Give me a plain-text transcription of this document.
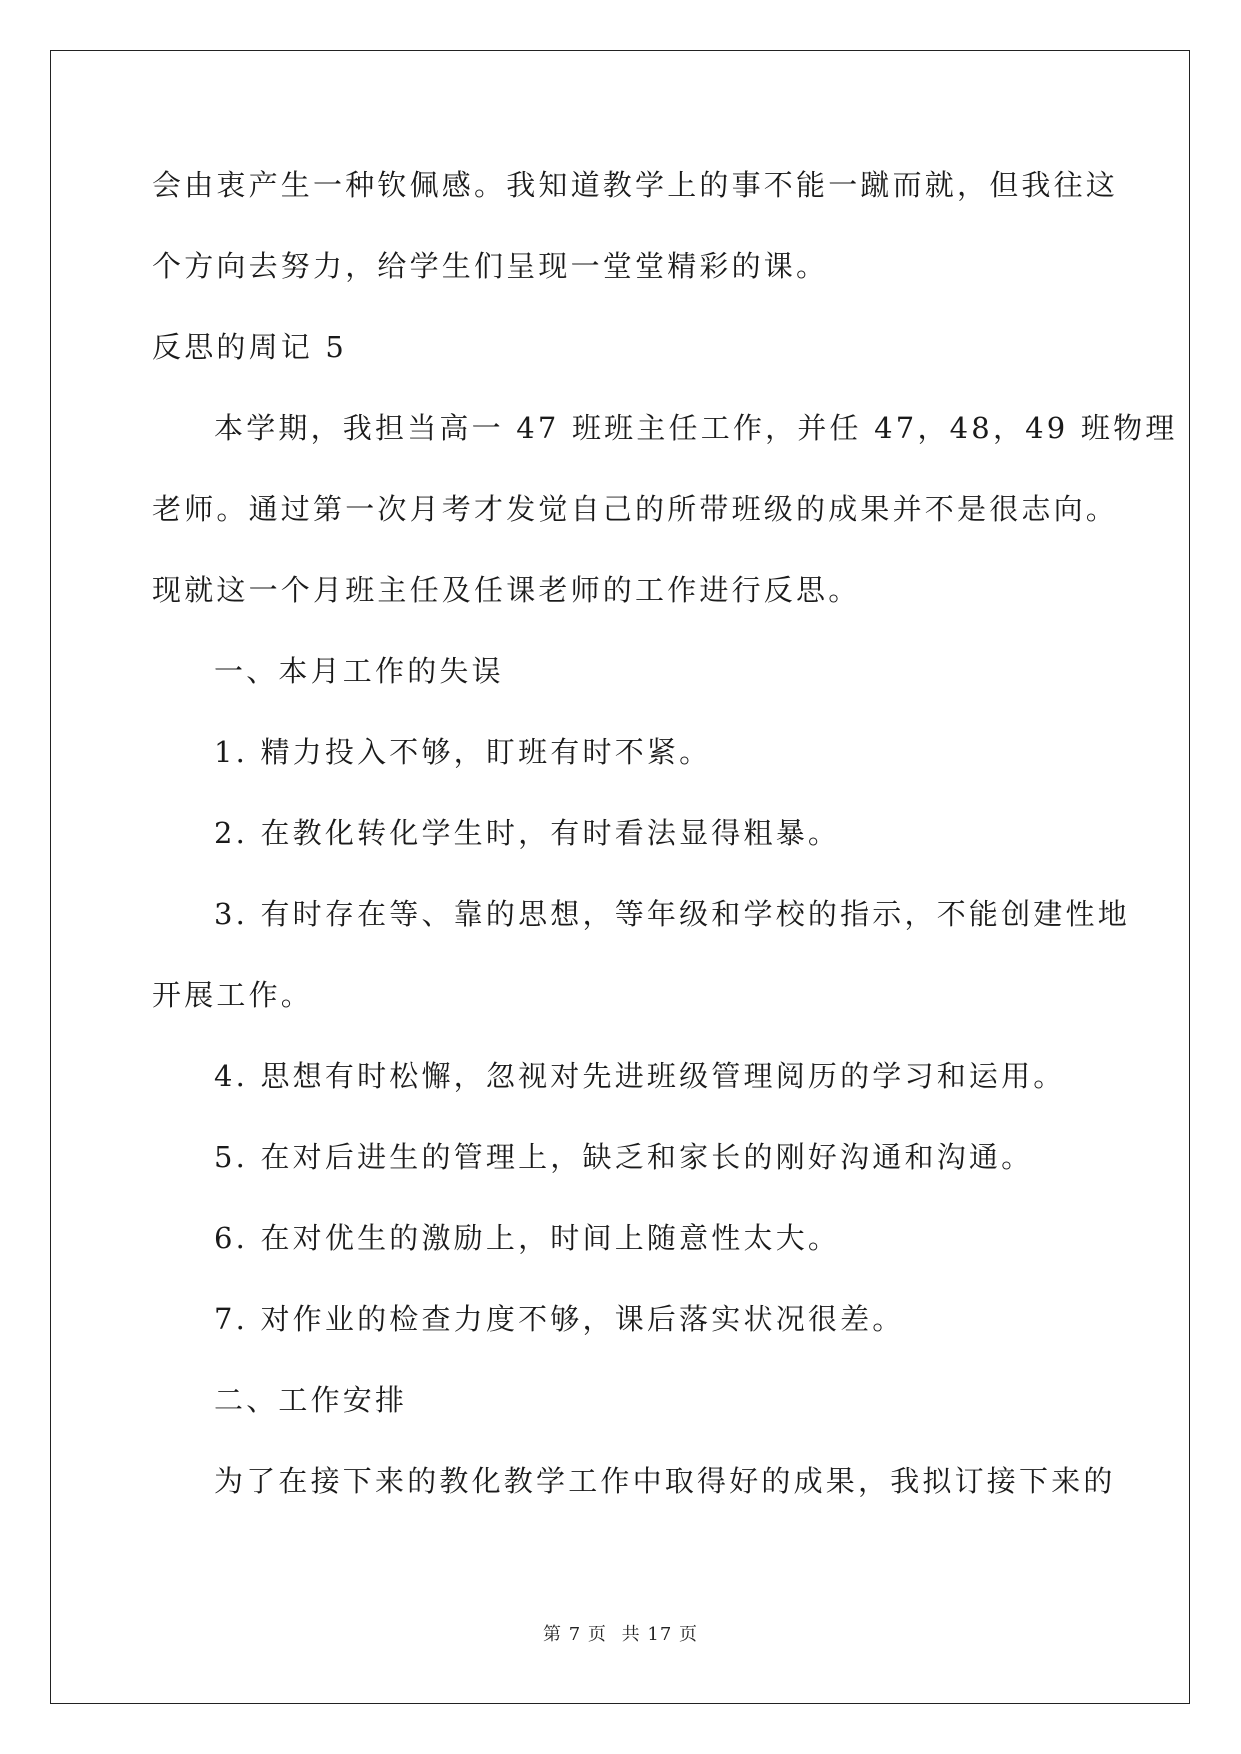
会由衷产生一种钦佩感。我知道教学上的事不能一蹴而就，但我往这
个方向去努力，给学生们呈现一堂堂精彩的课。
反思的周记 5
本学期，我担当高一 47 班班主任工作，并任 47，48，49 班物理
老师。通过第一次月考才发觉自己的所带班级的成果并不是很志向。
现就这一个月班主任及任课老师的工作进行反思。
一、本月工作的失误
1. 精力投入不够，盯班有时不紧。
2. 在教化转化学生时，有时看法显得粗暴。
3. 有时存在等、靠的思想，等年级和学校的指示，不能创建性地
开展工作。
4. 思想有时松懈，忽视对先进班级管理阅历的学习和运用。
5. 在对后进生的管理上，缺乏和家长的刚好沟通和沟通。
6. 在对优生的激励上，时间上随意性太大。
7. 对作业的检查力度不够，课后落实状况很差。
二、工作安排
为了在接下来的教化教学工作中取得好的成果，我拟订接下来的
第 7 页 共 17 页
